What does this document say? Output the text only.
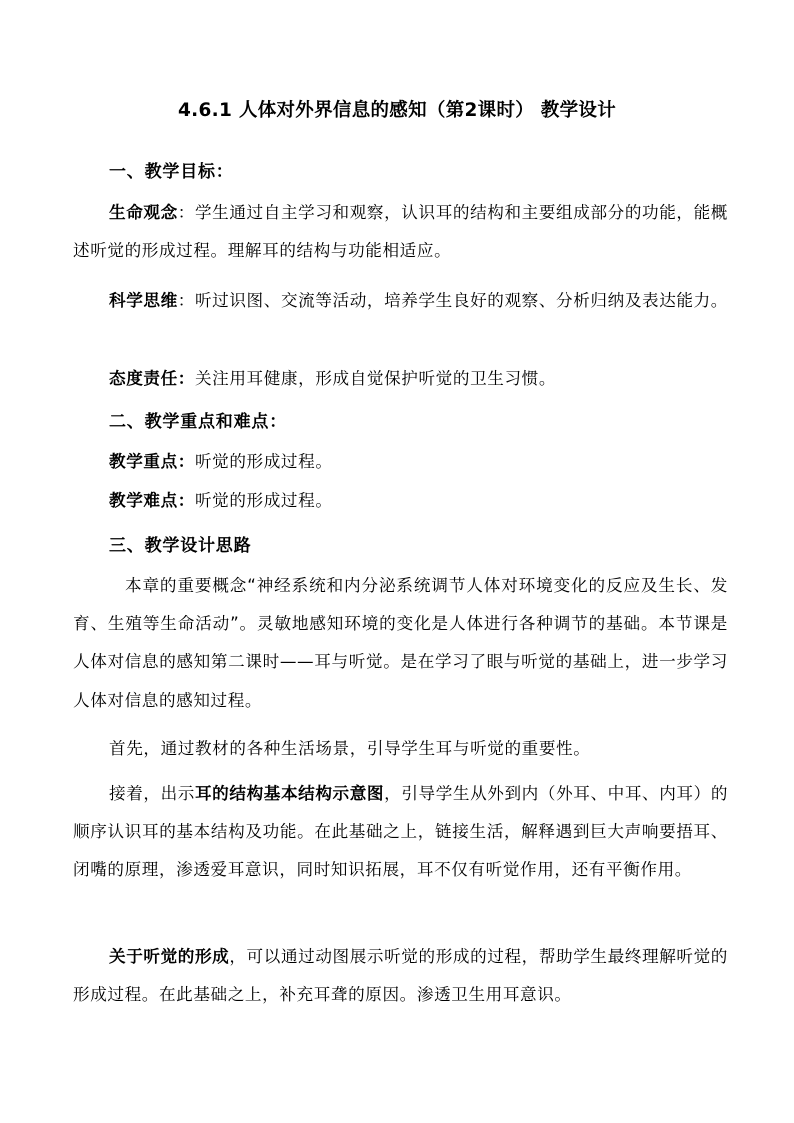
4.6.1 人体对外界信息的感知（第2课时） 教学设计
一、教学目标：

生命观念：学生通过自主学习和观察，认识耳的结构和主要组成部分的功能，能概述听觉的形成过程。理解耳的结构与功能相适应。

科学思维：听过识图、交流等活动，培养学生良好的观察、分析归纳及表达能力。

态度责任：关注用耳健康，形成自觉保护听觉的卫生习惯。

二、教学重点和难点：

教学重点：听觉的形成过程。

教学难点：听觉的形成过程。

三、教学设计思路

本章的重要概念“神经系统和内分泌系统调节人体对环境变化的反应及生长、发育、生殖等生命活动”。灵敏地感知环境的变化是人体进行各种调节的基础。本节课是人体对信息的感知第二课时——耳与听觉。是在学习了眼与听觉的基础上，进一步学习人体对信息的感知过程。

首先，通过教材的各种生活场景，引导学生耳与听觉的重要性。

接着，出示耳的结构基本结构示意图，引导学生从外到内（外耳、中耳、内耳）的顺序认识耳的基本结构及功能。在此基础之上，链接生活，解释遇到巨大声响要捂耳、闭嘴的原理，渗透爱耳意识，同时知识拓展，耳不仅有听觉作用，还有平衡作用。

关于听觉的形成，可以通过动图展示听觉的形成的过程，帮助学生最终理解听觉的形成过程。在此基础之上，补充耳聋的原因。渗透卫生用耳意识。
